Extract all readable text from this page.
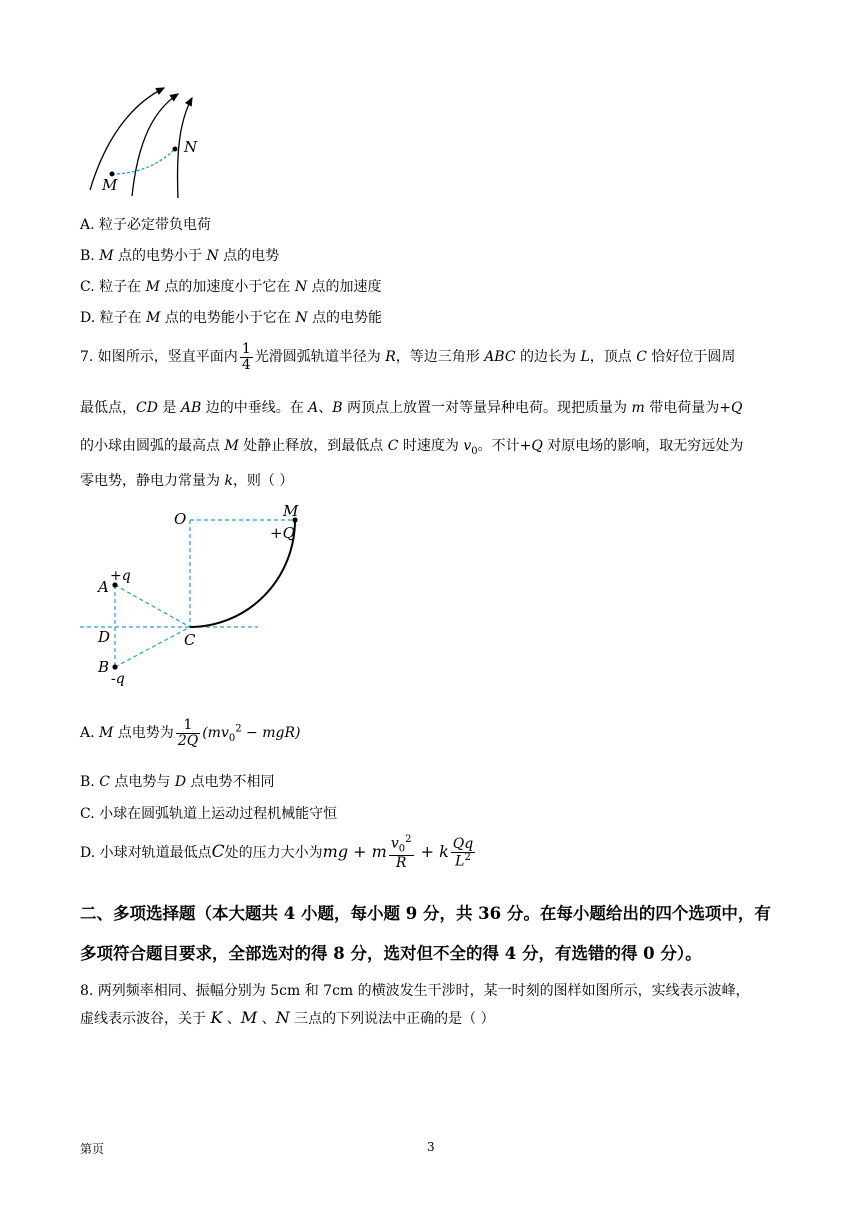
M
N
A. 粒子必定带负电荷
B. M 点的电势小于 N 点的电势
C. 粒子在 M 点的加速度小于它在 N 点的加速度
D. 粒子在 M 点的电势能小于它在 N 点的电势能
7. 如图所示，竖直平面内 $\frac{1}{4}$ 光滑圆弧轨道半径为 R，等边三角形 ABC 的边长为 L，顶点 C 恰好位于圆周
最低点，CD 是 AB 边的中垂线。在 A、B 两顶点上放置一对等量异种电荷。现把质量为 m 带电荷量为+Q
的小球由圆弧的最高点 M 处静止释放，到最低点 C 时速度为 $v_0$。不计+Q 对原电场的影响，取无穷远处为
零电势，静电力常量为 k，则（ ）
O	M
+Q
A
+q
D	C
B
-q
A. M 点电势为 $\frac{1}{2Q} (mv_0^2 - mgR)$
B. C 点电势与 D 点电势不相同
C. 小球在圆弧轨道上运动过程机械能守恒
D. 小球对轨道最低点C处的压力大小为mg + m $\frac{v_0^2}{R} + k \frac{Qq}{L^2}$
二、多项选择题（本大题共 4 小题，每小题 9 分，共 36 分。在每小题给出的四个选项中，有
多项符合题目要求，全部选对的得 8 分，选对但不全的得 4 分，有选错的得 0 分）。
8. 两列频率相同、振幅分别为 5cm 和 7cm 的横波发生干涉时，某一时刻的图样如图所示，实线表示波峰，
虚线表示波谷，关于 K 、M 、N 三点的下列说法中正确的是（ ）
第页	3
